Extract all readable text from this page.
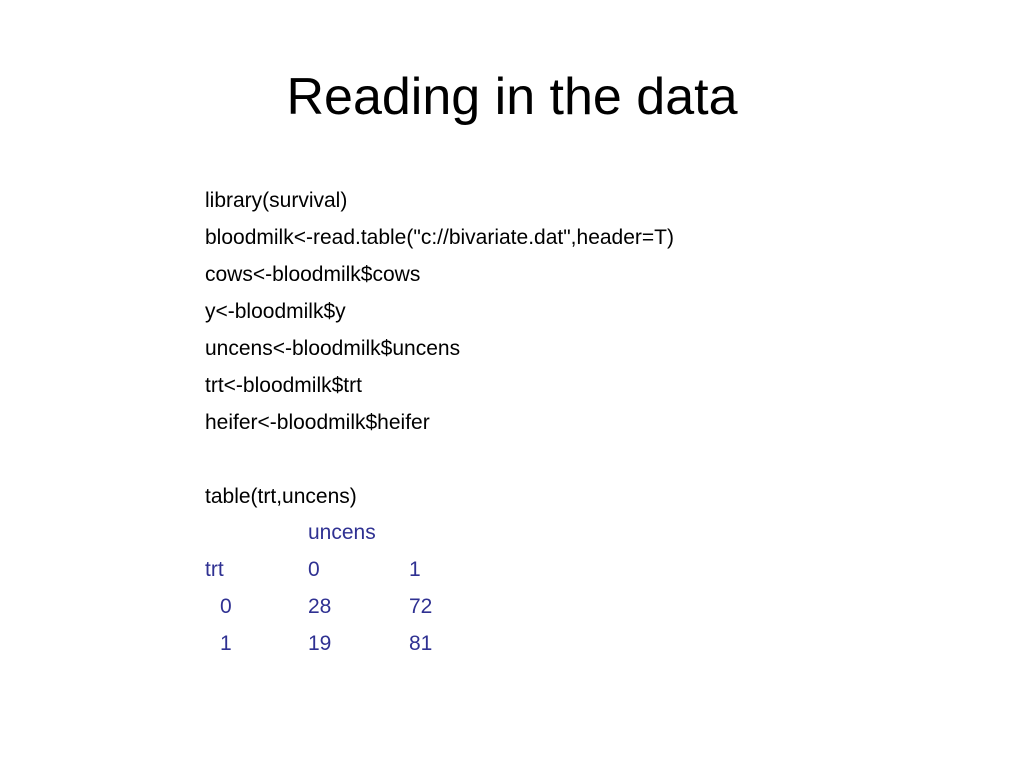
Reading in the data
library(survival)
bloodmilk<-read.table("c://bivariate.dat",header=T)
cows<-bloodmilk$cows
y<-bloodmilk$y
uncens<-bloodmilk$uncens
trt<-bloodmilk$trt
heifer<-bloodmilk$heifer
table(trt,uncens)
uncens
trt	0	1
0	28	72
1	19	81
